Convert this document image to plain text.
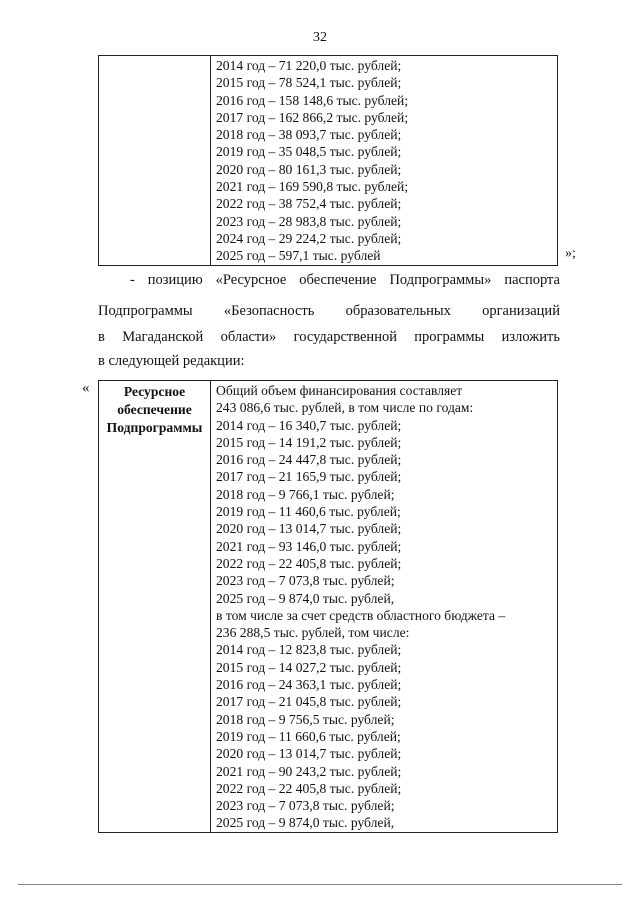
32

2014 год – 71 220,0 тыс. рублей;
2015 год – 78 524,1 тыс. рублей;
2016 год – 158 148,6 тыс. рублей;
2017 год – 162 866,2 тыс. рублей;
2018 год – 38 093,7 тыс. рублей;
2019 год – 35 048,5 тыс. рублей;
2020 год – 80 161,3 тыс. рублей;
2021 год – 169 590,8 тыс. рублей;
2022 год – 38 752,4 тыс. рублей;
2023 год – 28 983,8 тыс. рублей;
2024 год – 29 224,2 тыс. рублей;
2025 год – 597,1 тыс. рублей	»;
- позицию «Ресурсное обеспечение Подпрограммы» паспорта
Подпрограммы «Безопасность образовательных организаций
в Магаданской области» государственной программы изложить
в следующей редакции:
«	Ресурсное
обеспечение
Подпрограммы

Общий объем финансирования составляет
243 086,6 тыс. рублей, в том числе по годам:
2014 год – 16 340,7 тыс. рублей;
2015 год – 14 191,2 тыс. рублей;
2016 год – 24 447,8 тыс. рублей;
2017 год – 21 165,9 тыс. рублей;
2018 год – 9 766,1 тыс. рублей;
2019 год – 11 460,6 тыс. рублей;
2020 год – 13 014,7 тыс. рублей;
2021 год – 93 146,0 тыс. рублей;
2022 год – 22 405,8 тыс. рублей;
2023 год – 7 073,8 тыс. рублей;
2025 год – 9 874,0 тыс. рублей,
в том числе за счет средств областного бюджета –
236 288,5 тыс. рублей, том числе:
2014 год – 12 823,8 тыс. рублей;
2015 год – 14 027,2 тыс. рублей;
2016 год – 24 363,1 тыс. рублей;
2017 год – 21 045,8 тыс. рублей;
2018 год – 9 756,5 тыс. рублей;
2019 год – 11 660,6 тыс. рублей;
2020 год – 13 014,7 тыс. рублей;
2021 год – 90 243,2 тыс. рублей;
2022 год – 22 405,8 тыс. рублей;
2023 год – 7 073,8 тыс. рублей;
2025 год – 9 874,0 тыс. рублей,
